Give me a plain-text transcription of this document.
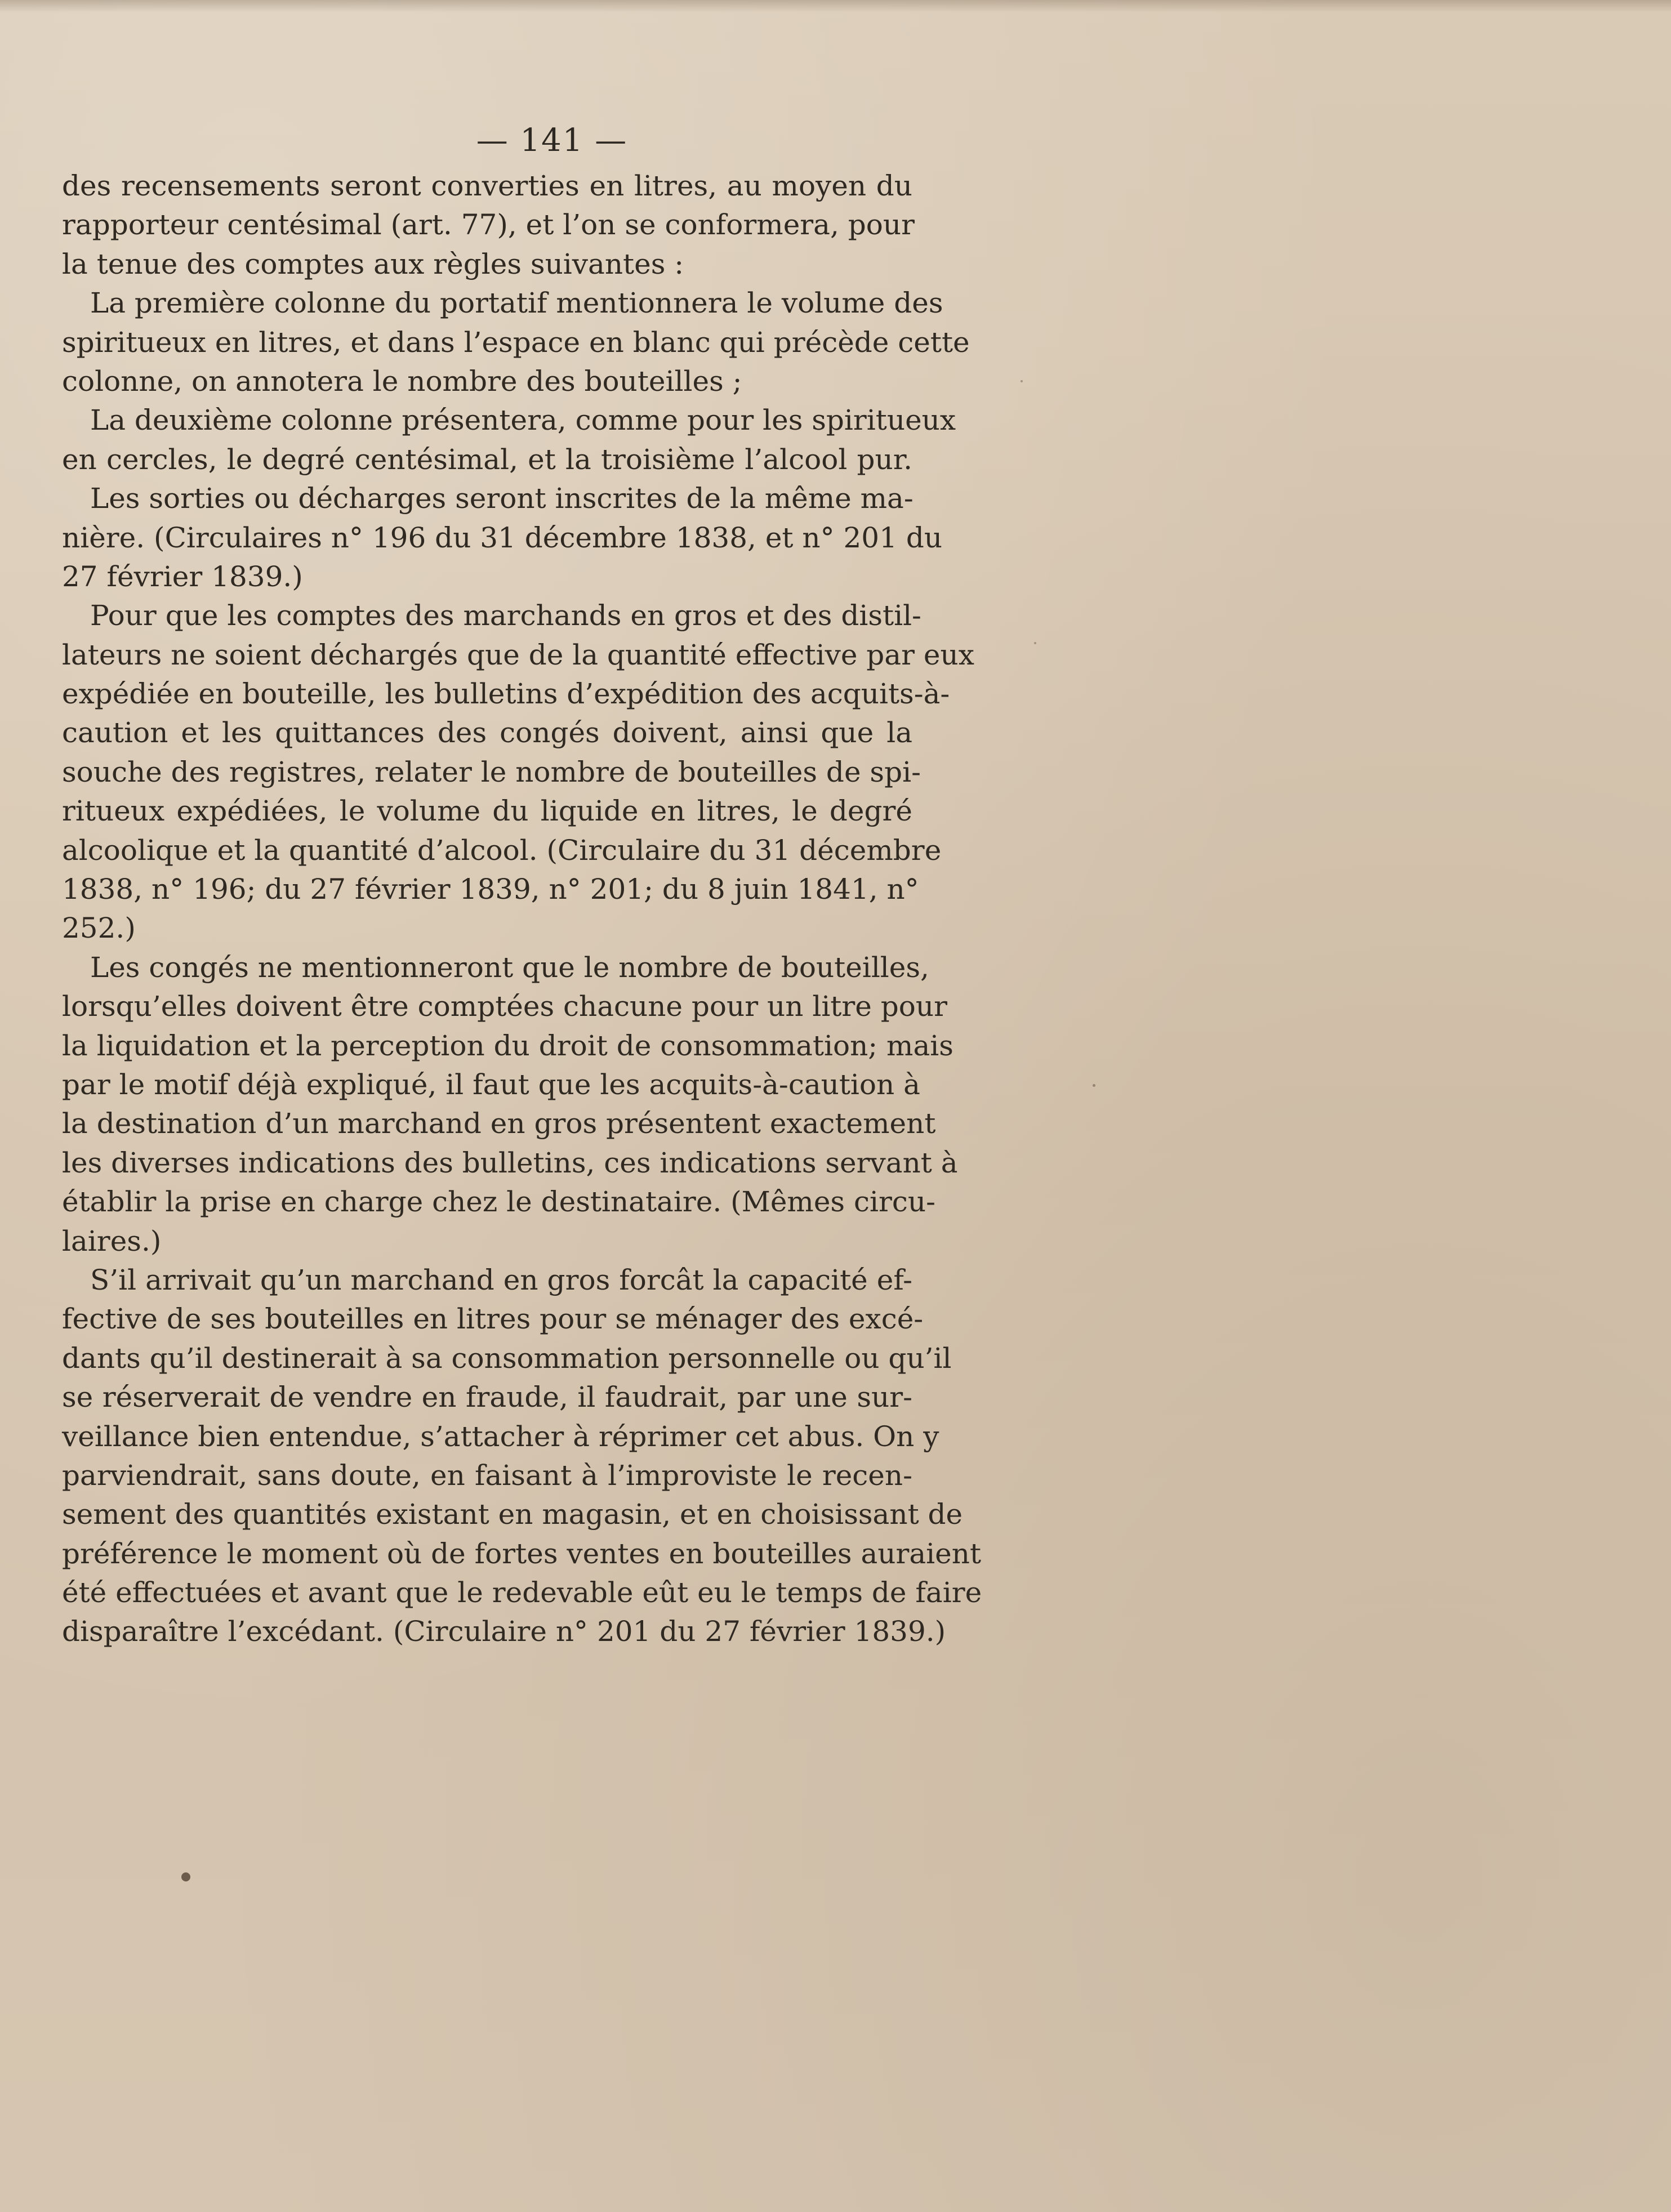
— 141 —
des recensements seront converties en litres, au moyen du
rapporteur centésimal (art. 77), et l’on se conformera, pour
la tenue des comptes aux règles suivantes :
La première colonne du portatif mentionnera le volume des
spiritueux en litres, et dans l’espace en blanc qui précède cette
colonne, on annotera le nombre des bouteilles ;
La deuxième colonne présentera, comme pour les spiritueux
en cercles, le degré centésimal, et la troisième l’alcool pur.
Les sorties ou décharges seront inscrites de la même ma-
nière. (Circulaires n° 196 du 31 décembre 1838, et n° 201 du
27 février 1839.)
Pour que les comptes des marchands en gros et des distil-
lateurs ne soient déchargés que de la quantité effective par eux
expédiée en bouteille, les bulletins d’expédition des acquits-à-
caution et les quittances des congés doivent, ainsi que la
souche des registres, relater le nombre de bouteilles de spi-
ritueux expédiées, le volume du liquide en litres, le degré
alcoolique et la quantité d’alcool. (Circulaire du 31 décembre
1838, n° 196; du 27 février 1839, n° 201; du 8 juin 1841, n°
252.)
Les congés ne mentionneront que le nombre de bouteilles,
lorsqu’elles doivent être comptées chacune pour un litre pour
la liquidation et la perception du droit de consommation; mais
par le motif déjà expliqué, il faut que les acquits-à-caution à
la destination d’un marchand en gros présentent exactement
les diverses indications des bulletins, ces indications servant à
établir la prise en charge chez le destinataire. (Mêmes circu-
laires.)
S’il arrivait qu’un marchand en gros forcât la capacité ef-
fective de ses bouteilles en litres pour se ménager des excé-
dants qu’il destinerait à sa consommation personnelle ou qu’il
se réserverait de vendre en fraude, il faudrait, par une sur-
veillance bien entendue, s’attacher à réprimer cet abus. On y
parviendrait, sans doute, en faisant à l’improviste le recen-
sement des quantités existant en magasin, et en choisissant de
préférence le moment où de fortes ventes en bouteilles auraient
été effectuées et avant que le redevable eût eu le temps de faire
disparaître l’excédant. (Circulaire n° 201 du 27 février 1839.)
